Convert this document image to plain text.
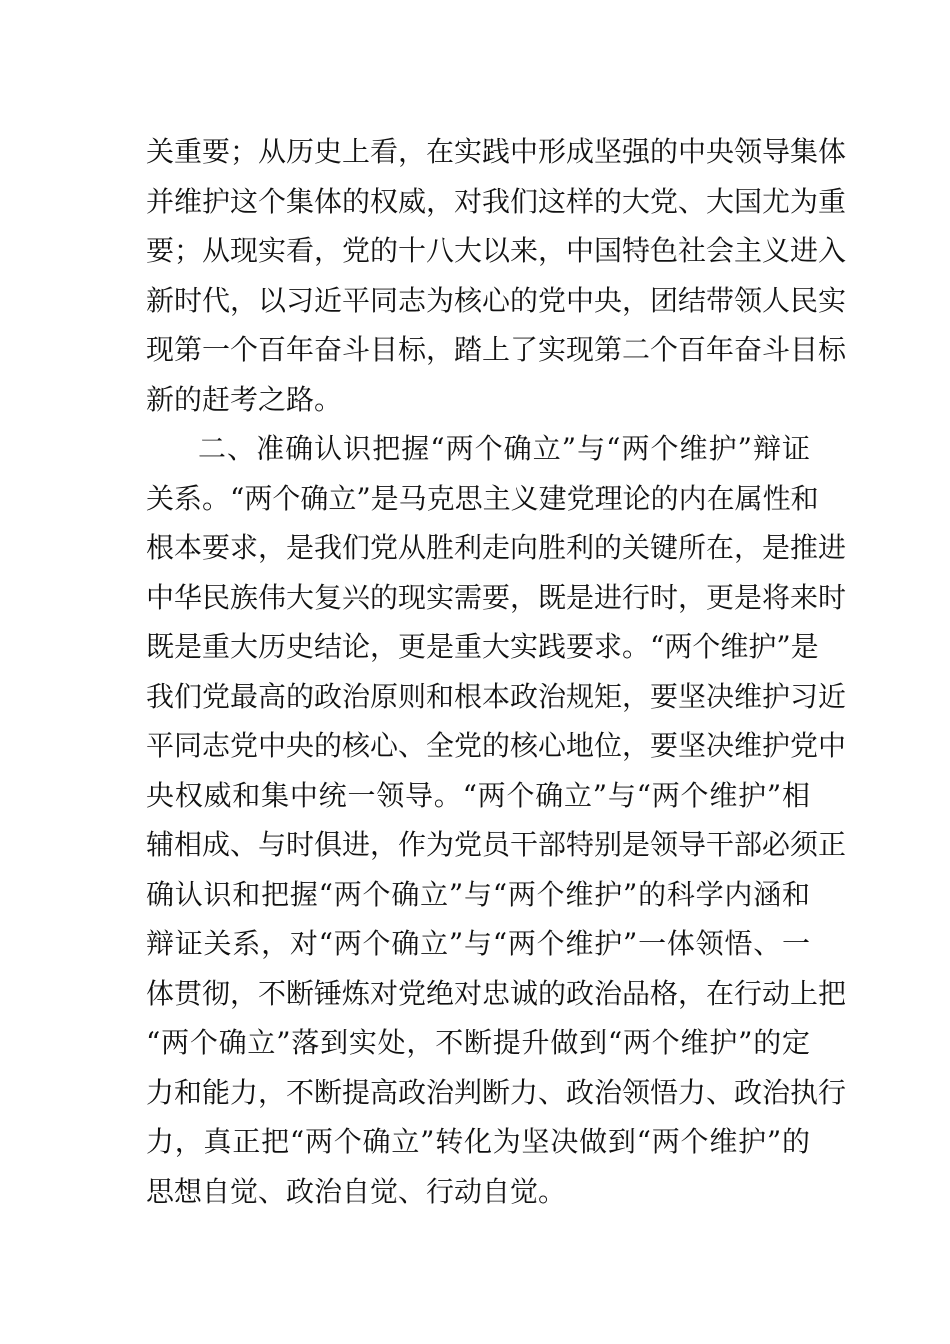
关重要；从历史上看，在实践中形成坚强的中央领导集体
并维护这个集体的权威，对我们这样的大党、大国尤为重
要；从现实看，党的十八大以来，中国特色社会主义进入
新时代，以习近平同志为核心的党中央，团结带领人民实
现第一个百年奋斗目标，踏上了实现第二个百年奋斗目标
新的赶考之路。
二、准确认识把握“两个确立”与“两个维护”辩证
关系。“两个确立”是马克思主义建党理论的内在属性和
根本要求，是我们党从胜利走向胜利的关键所在，是推进
中华民族伟大复兴的现实需要，既是进行时，更是将来时
既是重大历史结论，更是重大实践要求。“两个维护”是
我们党最高的政治原则和根本政治规矩，要坚决维护习近
平同志党中央的核心、全党的核心地位，要坚决维护党中
央权威和集中统一领导。“两个确立”与“两个维护”相
辅相成、与时俱进，作为党员干部特别是领导干部必须正
确认识和把握“两个确立”与“两个维护”的科学内涵和
辩证关系，对“两个确立”与“两个维护”一体领悟、一
体贯彻，不断锤炼对党绝对忠诚的政治品格，在行动上把
“两个确立”落到实处，不断提升做到“两个维护”的定
力和能力，不断提高政治判断力、政治领悟力、政治执行
力，真正把“两个确立”转化为坚决做到“两个维护”的
思想自觉、政治自觉、行动自觉。
